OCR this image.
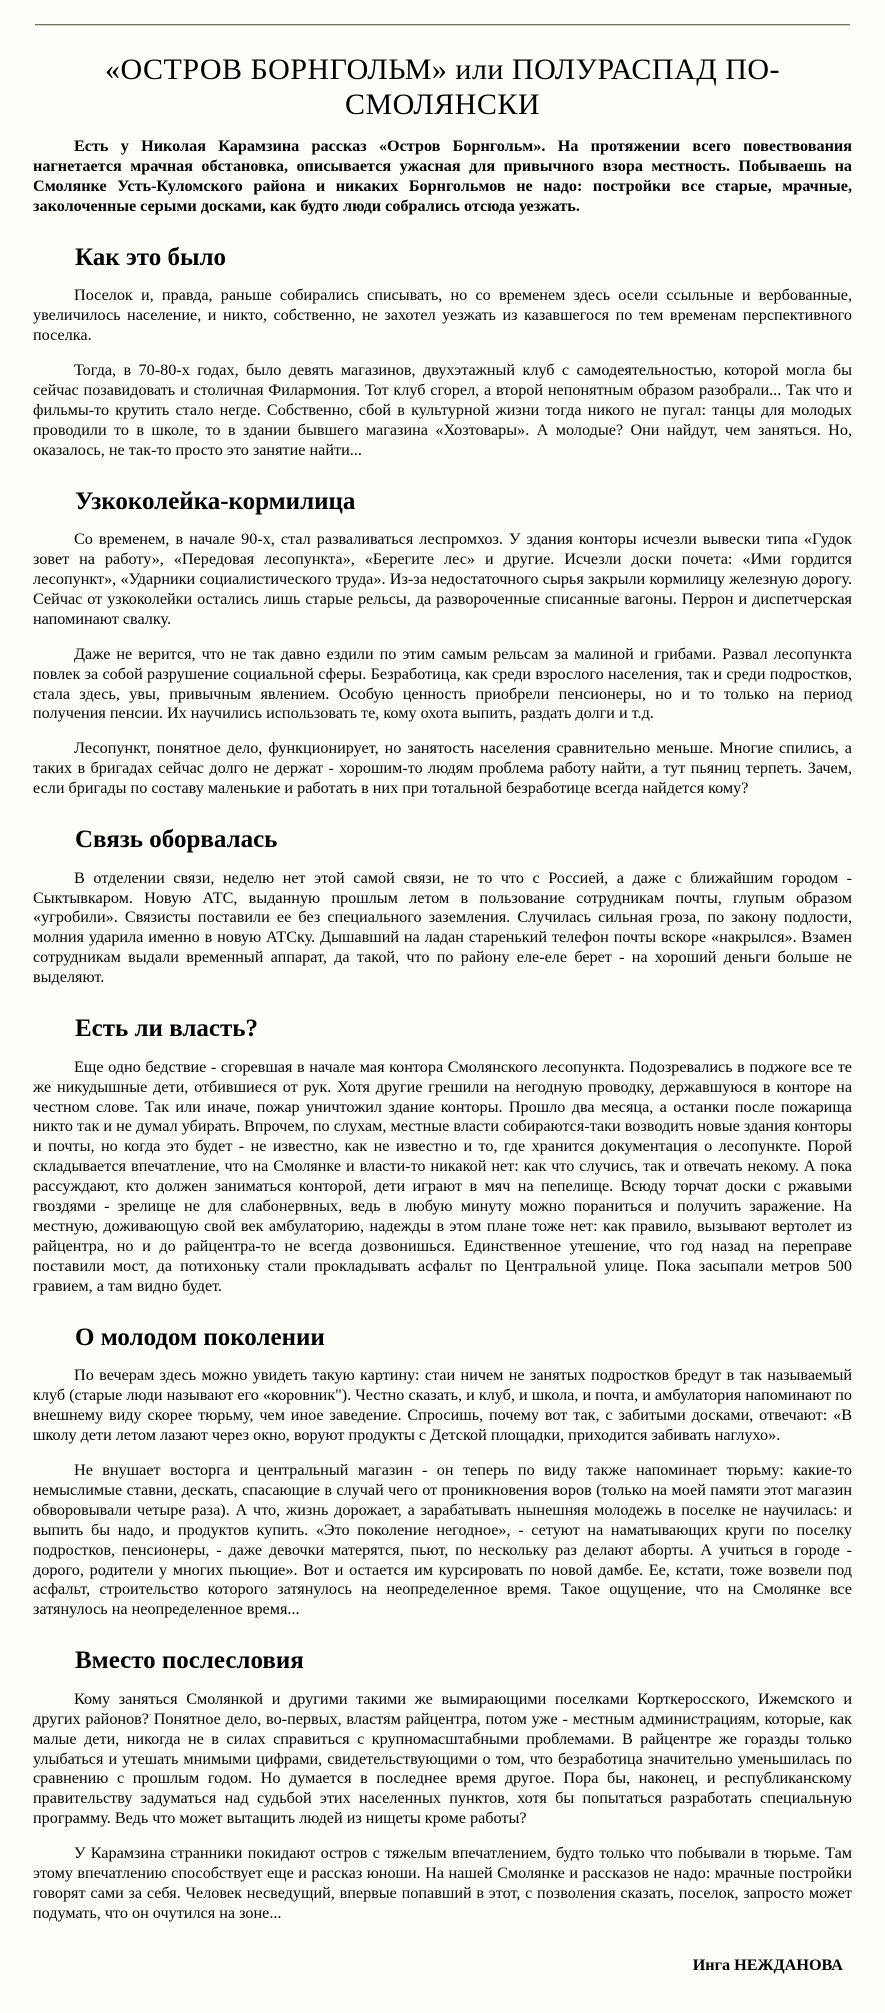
«ОСТРОВ БОРНГОЛЬМ» или ПОЛУРАСПАД ПО-СМОЛЯНСКИ

Есть у Николая Карамзина рассказ «Остров Борнгольм». На протяжении всего повествования нагнетается мрачная обстановка, описывается ужасная для привычного взора местность. Побываешь на Смолянке Усть-Куломского района и никаких Борнгольмов не надо: постройки все старые, мрачные, заколоченные серыми досками, как будто люди собрались отсюда уезжать.

Как это было

Поселок и, правда, раньше собирались списывать, но со временем здесь осели ссыльные и вербованные, увеличилось население, и никто, собственно, не захотел уезжать из казавшегося по тем временам перспективного поселка.

Тогда, в 70-80-х годах, было девять магазинов, двухэтажный клуб с самодеятельностью, которой могла бы сейчас позавидовать и столичная Филармония. Тот клуб сгорел, а второй непонятным образом разобрали... Так что и фильмы-то крутить стало негде. Собственно, сбой в культурной жизни тогда никого не пугал: танцы для молодых проводили то в школе, то в здании бывшего магазина «Хозтовары». А молодые? Они найдут, чем заняться. Но, оказалось, не так-то просто это занятие найти...

Узкоколейка-кормилица

Со временем, в начале 90-х, стал разваливаться леспромхоз. У здания конторы исчезли вывески типа «Гудок зовет на работу», «Передовая лесопункта», «Берегите лес» и другие. Исчезли доски почета: «Ими гордится лесопункт», «Ударники социалистического труда». Из-за недостаточного сырья закрыли кормилицу железную дорогу. Сейчас от узкоколейки остались лишь старые рельсы, да развороченные списанные вагоны. Перрон и диспетчерская напоминают свалку.

Даже не верится, что не так давно ездили по этим самым рельсам за малиной и грибами. Развал лесопункта повлек за собой разрушение социальной сферы. Безработица, как среди взрослого населения, так и среди подростков, стала здесь, увы, привычным явлением. Особую ценность приобрели пенсионеры, но и то только на период получения пенсии. Их научились использовать те, кому охота выпить, раздать долги и т.д.

Лесопункт, понятное дело, функционирует, но занятость населения сравнительно меньше. Многие спились, а таких в бригадах сейчас долго не держат - хорошим-то людям проблема работу найти, а тут пьяниц терпеть. Зачем, если бригады по составу маленькие и работать в них при тотальной безработице всегда найдется кому?

Связь оборвалась

В отделении связи, неделю нет этой самой связи, не то что с Россией, а даже с ближайшим городом - Сыктывкаром. Новую АТС, выданную прошлым летом в пользование сотрудникам почты, глупым образом «угробили». Связисты поставили ее без специального заземления. Случилась сильная гроза, по закону подлости, молния ударила именно в новую АТСку. Дышавший на ладан старенький телефон почты вскоре «накрылся». Взамен сотрудникам выдали временный аппарат, да такой, что по району еле-еле берет - на хороший деньги больше не выделяют.

Есть ли власть?

Еще одно бедствие - сгоревшая в начале мая контора Смолянского лесопункта. Подозревались в поджоге все те же никудышные дети, отбившиеся от рук. Хотя другие грешили на негодную проводку, державшуюся в конторе на честном слове. Так или иначе, пожар уничтожил здание конторы. Прошло два месяца, а останки после пожарища никто так и не думал убирать. Впрочем, по слухам, местные власти собираются-таки возводить новые здания конторы и почты, но когда это будет - не известно, как не известно и то, где хранится документация о лесопункте. Порой складывается впечатление, что на Смолянке и власти-то никакой нет: как что случись, так и отвечать некому. А пока рассуждают, кто должен заниматься конторой, дети играют в мяч на пепелище. Всюду торчат доски с ржавыми гвоздями - зрелище не для слабонервных, ведь в любую минуту можно пораниться и получить заражение. На местную, доживающую свой век амбулаторию, надежды в этом плане тоже нет: как правило, вызывают вертолет из райцентра, но и до райцентра-то не всегда дозвонишься. Единственное утешение, что год назад на переправе поставили мост, да потихоньку стали прокладывать асфальт по Центральной улице. Пока засыпали метров 500 гравием, а там видно будет.

О молодом поколении

По вечерам здесь можно увидеть такую картину: стаи ничем не занятых подростков бредут в так называемый клуб (старые люди называют его «коровник"). Честно сказать, и клуб, и школа, и почта, и амбулатория напоминают по внешнему виду скорее тюрьму, чем иное заведение. Спросишь, почему вот так, с забитыми досками, отвечают: «В школу дети летом лазают через окно, воруют продукты с Детской площадки, приходится забивать наглухо».

Не внушает восторга и центральный магазин - он теперь по виду также напоминает тюрьму: какие-то немыслимые ставни, дескать, спасающие в случай чего от проникновения воров (только на моей памяти этот магазин обворовывали четыре раза). А что, жизнь дорожает, а зарабатывать нынешняя молодежь в поселке не научилась: и выпить бы надо, и продуктов купить. «Это поколение негодное», - сетуют на наматывающих круги по поселку подростков, пенсионеры, - даже девочки матерятся, пьют, по нескольку раз делают аборты. А учиться в городе - дорого, родители у многих пьющие». Вот и остается им курсировать по новой дамбе. Ее, кстати, тоже возвели под асфальт, строительство которого затянулось на неопределенное время. Такое ощущение, что на Смолянке все затянулось на неопределенное время...

Вместо послесловия

Кому заняться Смолянкой и другими такими же вымирающими поселками Корткеросского, Ижемского и других районов? Понятное дело, во-первых, властям райцентра, потом уже - местным администрациям, которые, как малые дети, никогда не в силах справиться с крупномасштабными проблемами. В райцентре же горазды только улыбаться и утешать мнимыми цифрами, свидетельствующими о том, что безработица значительно уменьшилась по сравнению с прошлым годом. Но думается в последнее время другое. Пора бы, наконец, и республиканскому правительству задуматься над судьбой этих населенных пунктов, хотя бы попытаться разработать специальную программу. Ведь что может вытащить людей из нищеты кроме работы?

У Карамзина странники покидают остров с тяжелым впечатлением, будто только что побывали в тюрьме. Там этому впечатлению способствует еще и рассказ юноши. На нашей Смолянке и рассказов не надо: мрачные постройки говорят сами за себя. Человек несведущий, впервые попавший в этот, с позволения сказать, поселок, запросто может подумать, что он очутился на зоне...

Инга НЕЖДАНОВА
